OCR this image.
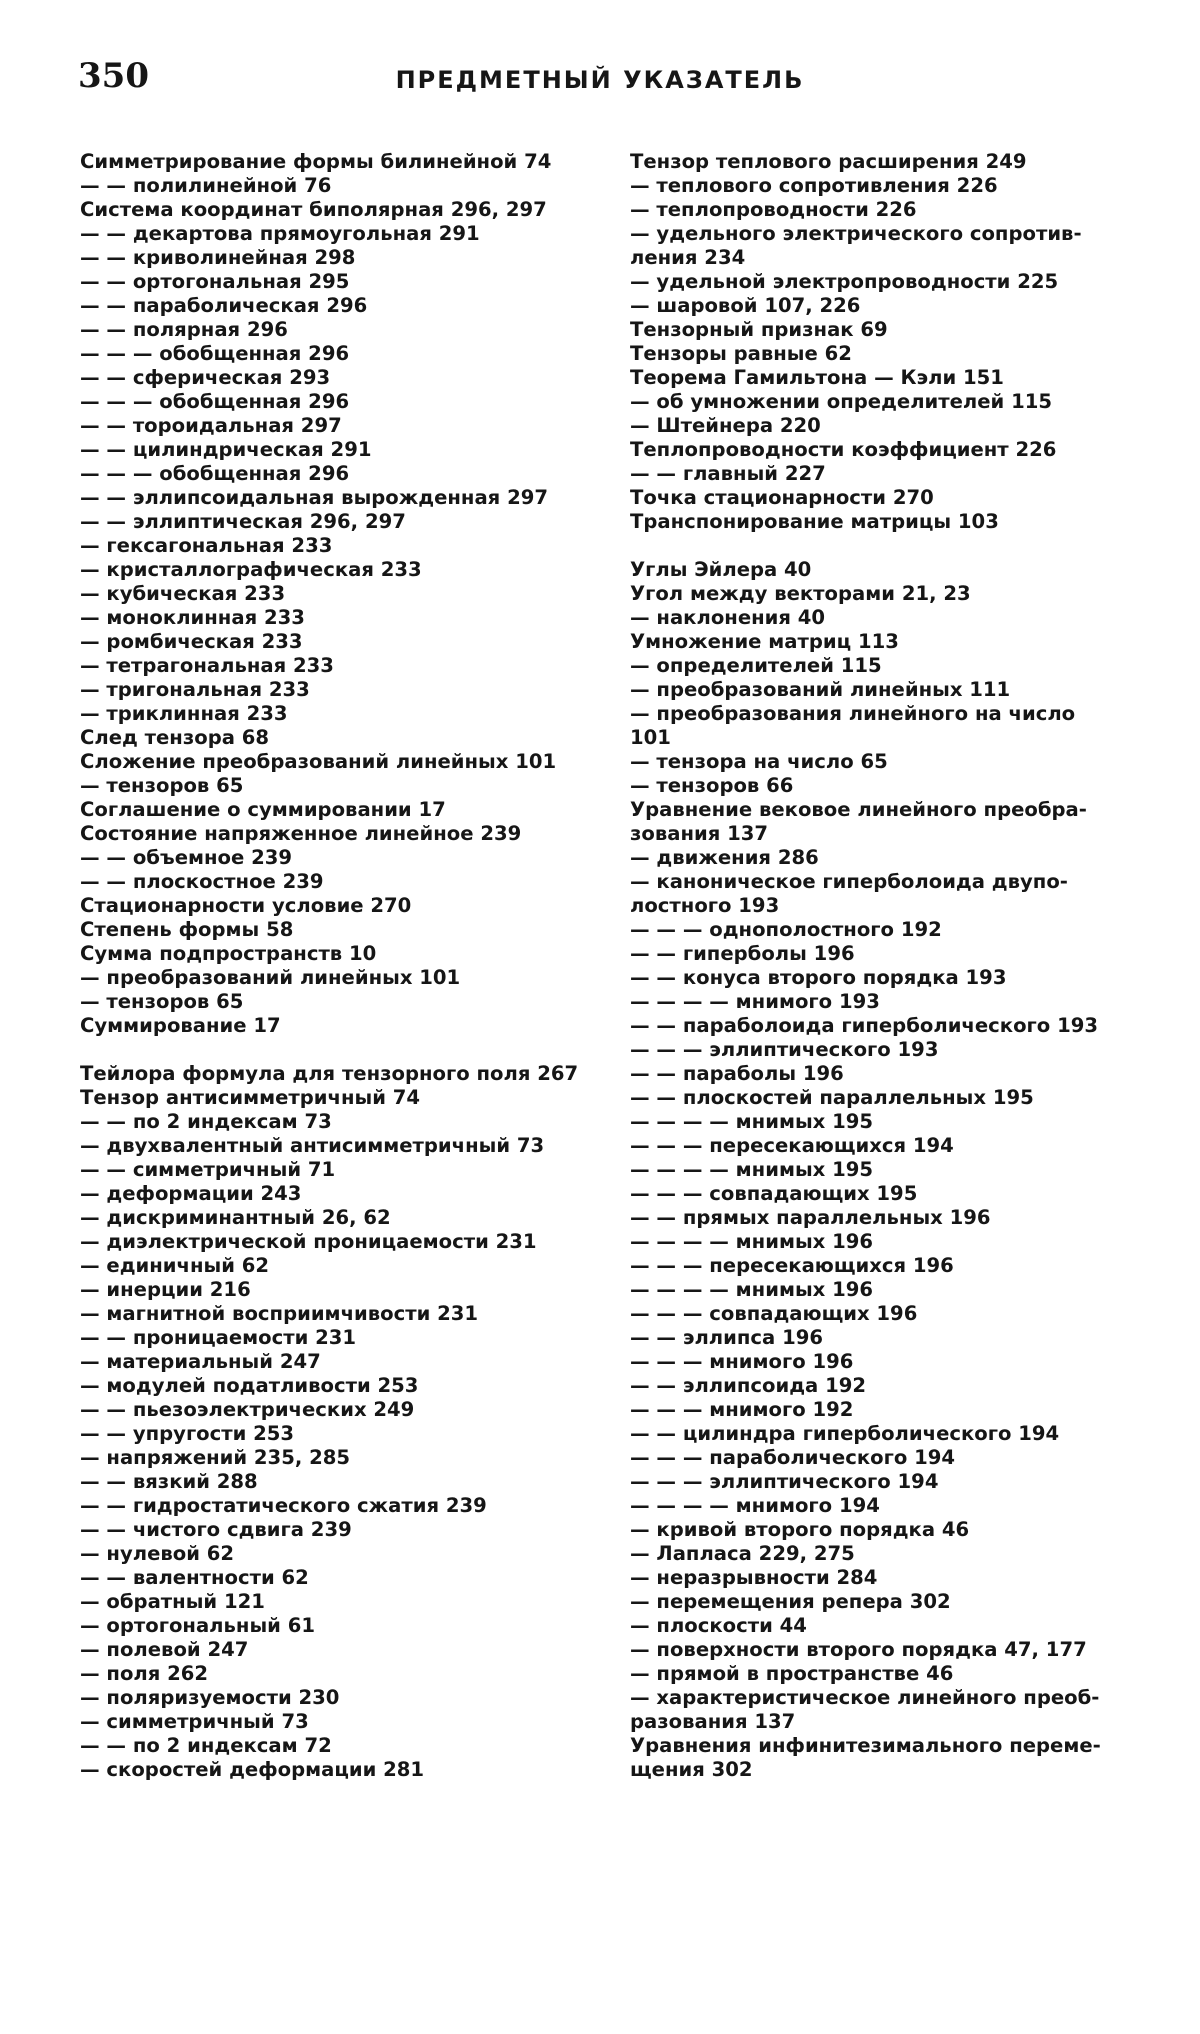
350	ПРЕДМЕТНЫЙ УКАЗАТЕЛЬ
Симметрирование формы билинейной 74
— — полилинейной 76
Система координат биполярная 296, 297
— — декартова прямоугольная 291
— — криволинейная 298
— — ортогональная 295
— — параболическая 296
— — полярная 296
— — — обобщенная 296
— — сферическая 293
— — — обобщенная 296
— — тороидальная 297
— — цилиндрическая 291
— — — обобщенная 296
— — эллипсоидальная вырожденная 297
— — эллиптическая 296, 297
— гексагональная 233
— кристаллографическая 233
— кубическая 233
— моноклинная 233
— ромбическая 233
— тетрагональная 233
— тригональная 233
— триклинная 233
След тензора 68
Сложение преобразований линейных 101
— тензоров 65
Соглашение о суммировании 17
Состояние напряженное линейное 239
— — объемное 239
— — плоскостное 239
Стационарности условие 270
Степень формы 58
Сумма подпространств 10
— преобразований линейных 101
— тензоров 65
Суммирование 17
Тейлора формула для тензорного поля 267
Тензор антисимметричный 74
— — по 2 индексам 73
— двухвалентный антисимметричный 73
— — симметричный 71
— деформации 243
— дискриминантный 26, 62
— диэлектрической проницаемости 231
— единичный 62
— инерции 216
— магнитной восприимчивости 231
— — проницаемости 231
— материальный 247
— модулей податливости 253
— — пьезоэлектрических 249
— — упругости 253
— напряжений 235, 285
— — вязкий 288
— — гидростатического сжатия 239
— — чистого сдвига 239
— нулевой 62
— — валентности 62
— обратный 121
— ортогональный 61
— полевой 247
— поля 262
— поляризуемости 230
— симметричный 73
— — по 2 индексам 72
— скоростей деформации 281
Тензор теплового расширения 249
— теплового сопротивления 226
— теплопроводности 226
— удельного электрического сопротив-
ления 234
— удельной электропроводности 225
— шаровой 107, 226
Тензорный признак 69
Тензоры равные 62
Теорема Гамильтона — Кэли 151
— об умножении определителей 115
— Штейнера 220
Теплопроводности коэффициент 226
— — главный 227
Точка стационарности 270
Транспонирование матрицы 103
Углы Эйлера 40
Угол между векторами 21, 23
— наклонения 40
Умножение матриц 113
— определителей 115
— преобразований линейных 111
— преобразования линейного на число
101
— тензора на число 65
— тензоров 66
Уравнение вековое линейного преобра-
зования 137
— движения 286
— каноническое гиперболоида двупо-
лостного 193
— — — однополостного 192
— — гиперболы 196
— — конуса второго порядка 193
— — — — мнимого 193
— — параболоида гиперболического 193
— — — эллиптического 193
— — параболы 196
— — плоскостей параллельных 195
— — — — мнимых 195
— — — пересекающихся 194
— — — — мнимых 195
— — — совпадающих 195
— — прямых параллельных 196
— — — — мнимых 196
— — — пересекающихся 196
— — — — мнимых 196
— — — совпадающих 196
— — эллипса 196
— — — мнимого 196
— — эллипсоида 192
— — — мнимого 192
— — цилиндра гиперболического 194
— — — параболического 194
— — — эллиптического 194
— — — — мнимого 194
— кривой второго порядка 46
— Лапласа 229, 275
— неразрывности 284
— перемещения репера 302
— плоскости 44
— поверхности второго порядка 47, 177
— прямой в пространстве 46
— характеристическое линейного преоб-
разования 137
Уравнения инфинитезимального переме-
щения 302
